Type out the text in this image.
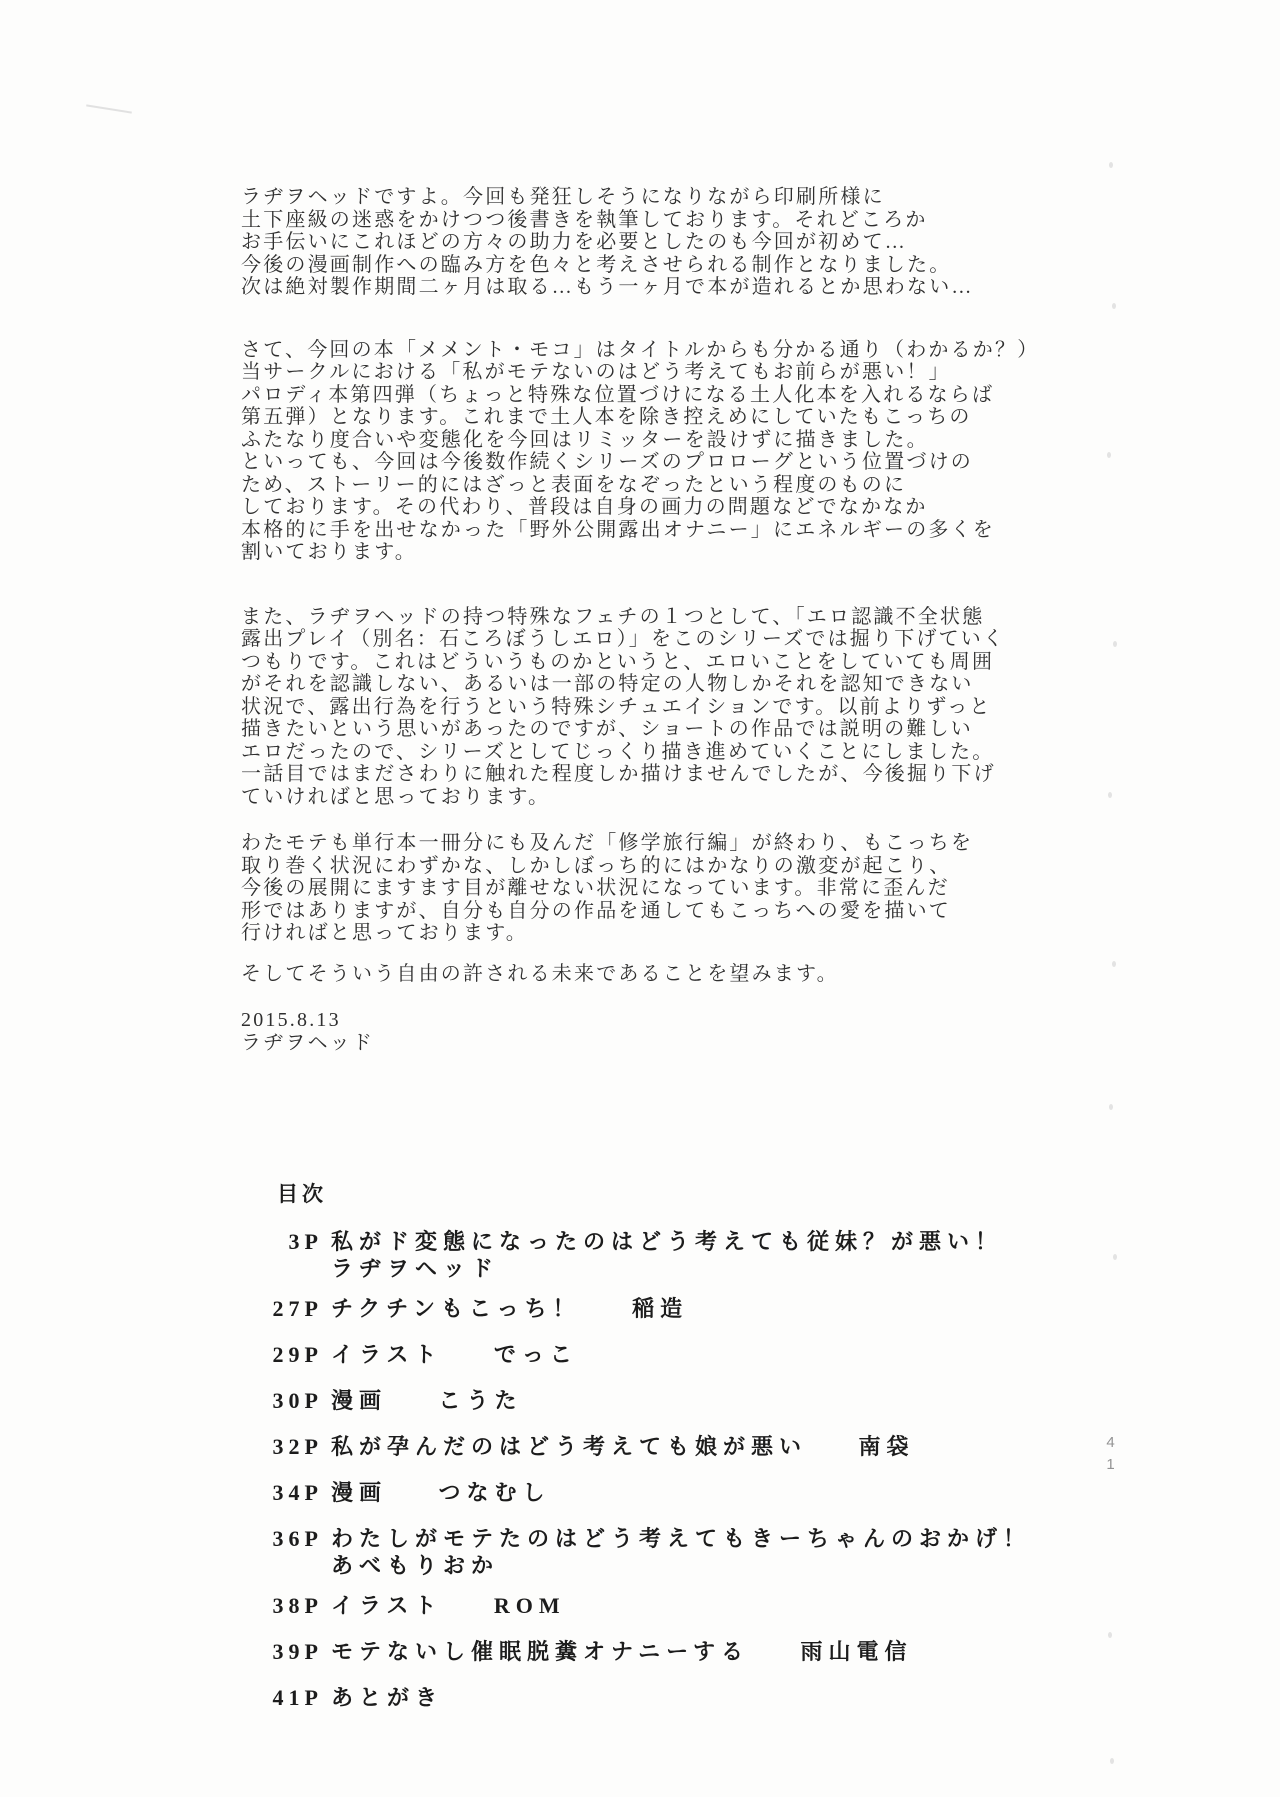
ラヂヲヘッドですよ。今回も発狂しそうになりながら印刷所様に
土下座級の迷惑をかけつつ後書きを執筆しております。それどころか
お手伝いにこれほどの方々の助力を必要としたのも今回が初めて…
今後の漫画制作への臨み方を色々と考えさせられる制作となりました。
次は絶対製作期間二ヶ月は取る…もう一ヶ月で本が造れるとか思わない…

さて、今回の本「メメント・モコ」はタイトルからも分かる通り（わかるか？）
当サークルにおける「私がモテないのはどう考えてもお前らが悪い！」
パロディ本第四弾（ちょっと特殊な位置づけになる土人化本を入れるならば
第五弾）となります。これまで土人本を除き控えめにしていたもこっちの
ふたなり度合いや変態化を今回はリミッターを設けずに描きました。
といっても、今回は今後数作続くシリーズのプロローグという位置づけの
ため、ストーリー的にはざっと表面をなぞったという程度のものに
しております。その代わり、普段は自身の画力の問題などでなかなか
本格的に手を出せなかった「野外公開露出オナニー」にエネルギーの多くを
割いております。

また、ラヂヲヘッドの持つ特殊なフェチの１つとして、「エロ認識不全状態
露出プレイ（別名：石ころぼうしエロ）」をこのシリーズでは掘り下げていく
つもりです。これはどういうものかというと、エロいことをしていても周囲
がそれを認識しない、あるいは一部の特定の人物しかそれを認知できない
状況で、露出行為を行うという特殊シチュエイションです。以前よりずっと
描きたいという思いがあったのですが、ショートの作品では説明の難しい
エロだったので、シリーズとしてじっくり描き進めていくことにしました。
一話目ではまださわりに触れた程度しか描けませんでしたが、今後掘り下げ
ていければと思っております。

わたモテも単行本一冊分にも及んだ「修学旅行編」が終わり、もこっちを
取り巻く状況にわずかな、しかしぼっち的にはかなりの激変が起こり、
今後の展開にますます目が離せない状況になっています。非常に歪んだ
形ではありますが、自分も自分の作品を通してもこっちへの愛を描いて
行ければと思っております。

そしてそういう自由の許される未来であることを望みます。

2015.8.13
ラヂヲヘッド
目次
3P 私がド変態になったのはどう考えても従妹？が悪い！
ラヂヲヘッド
27P チクチンもこっち！ 稲造
29P イラスト でっこ
30P 漫画 こうた
32P 私が孕んだのはどう考えても娘が悪い 南袋
34P 漫画 つなむし
36P わたしがモテたのはどう考えてもきーちゃんのおかげ！
あべもりおか
38P イラスト ROM
39P モテないし催眠脱糞オナニーする 雨山電信
41P あとがき
41
